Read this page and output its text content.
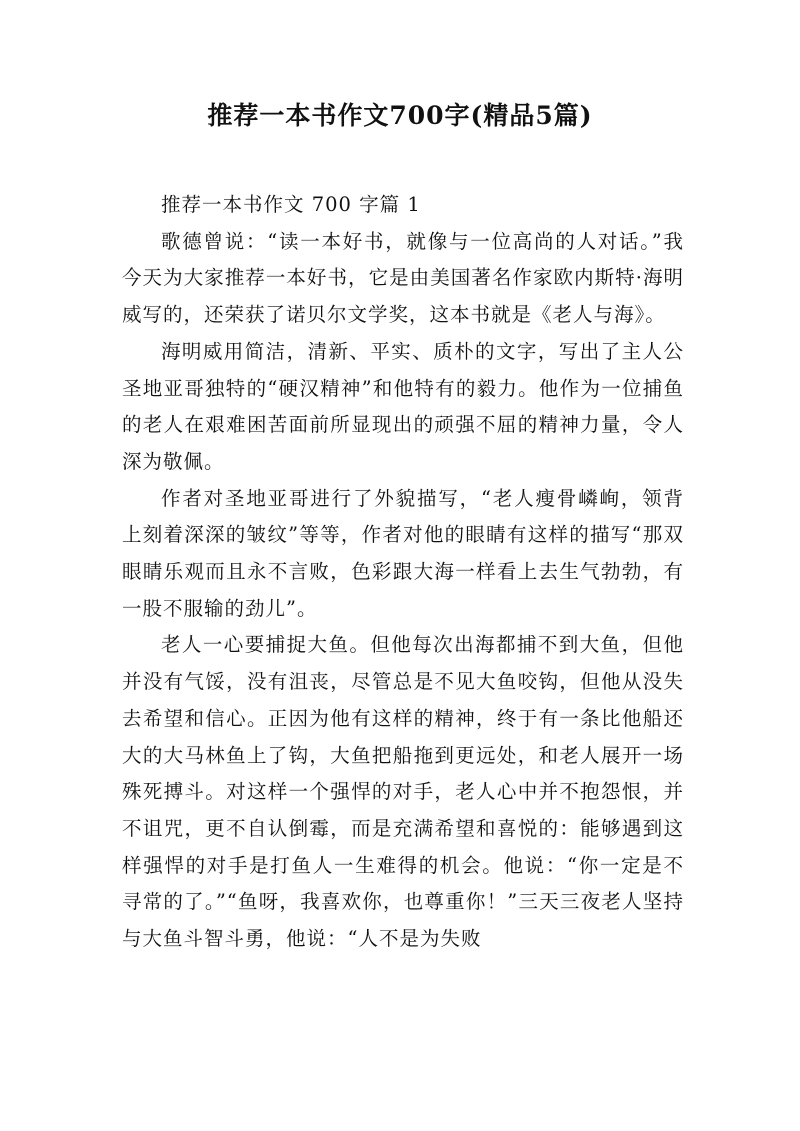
推荐一本书作文700字(精品5篇)

推荐一本书作文 700 字篇 1

歌德曾说：“读一本好书，就像与一位高尚的人对话。”我今天为大家推荐一本好书，它是由美国著名作家欧内斯特·海明威写的，还荣获了诺贝尔文学奖，这本书就是《老人与海》。

海明威用简洁，清新、平实、质朴的文字，写出了主人公圣地亚哥独特的“硬汉精神”和他特有的毅力。他作为一位捕鱼的老人在艰难困苦面前所显现出的顽强不屈的精神力量，令人深为敬佩。

作者对圣地亚哥进行了外貌描写，“老人瘦骨嶙峋，领背上刻着深深的皱纹”等等，作者对他的眼睛有这样的描写“那双眼睛乐观而且永不言败，色彩跟大海一样看上去生气勃勃，有一股不服输的劲儿”。

老人一心要捕捉大鱼。但他每次出海都捕不到大鱼，但他并没有气馁，没有沮丧，尽管总是不见大鱼咬钩，但他从没失去希望和信心。正因为他有这样的精神，终于有一条比他船还大的大马林鱼上了钩，大鱼把船拖到更远处，和老人展开一场殊死搏斗。对这样一个强悍的对手，老人心中并不抱怨恨，并不诅咒，更不自认倒霉，而是充满希望和喜悦的：能够遇到这样强悍的对手是打鱼人一生难得的机会。他说：“你一定是不寻常的了。”“鱼呀，我喜欢你，也尊重你！”三天三夜老人坚持与大鱼斗智斗勇，他说：“人不是为失败
